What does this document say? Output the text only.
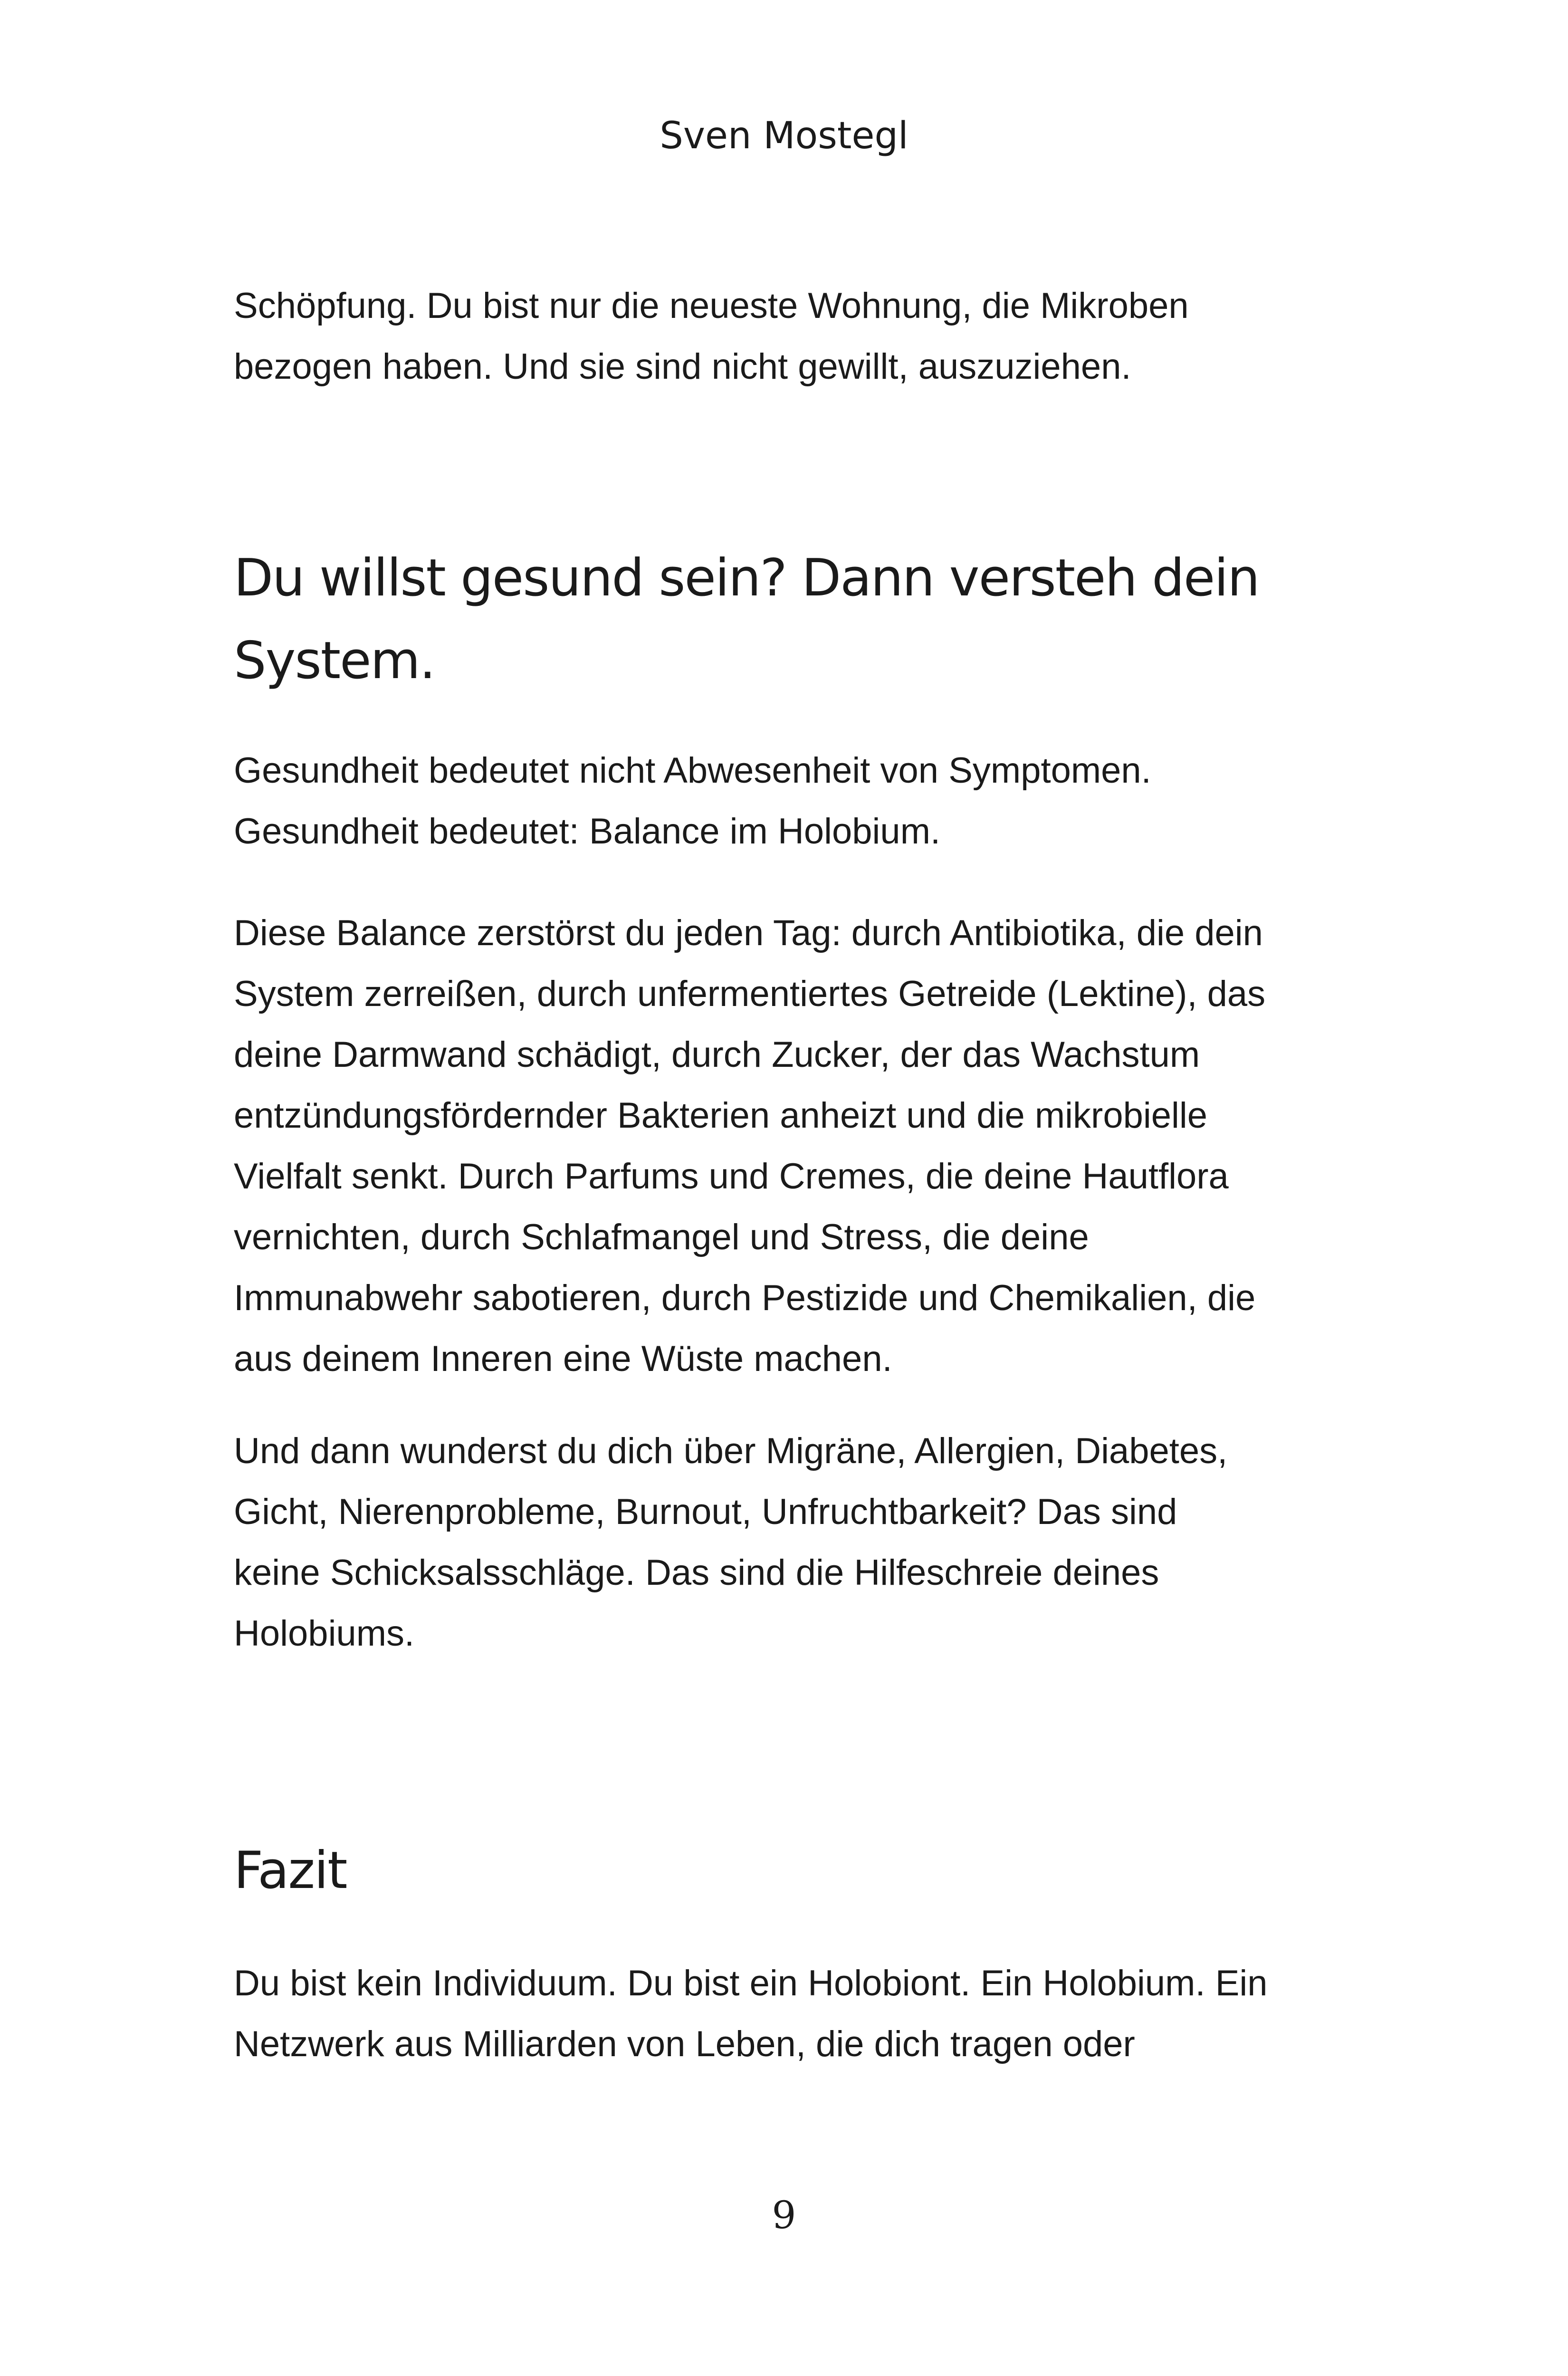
Sven Mostegl

Schöpfung. Du bist nur die neueste Wohnung, die Mikroben
bezogen haben. Und sie sind nicht gewillt, auszuziehen.

Du willst gesund sein? Dann versteh dein
System.

Gesundheit bedeutet nicht Abwesenheit von Symptomen.
Gesundheit bedeutet: Balance im Holobium.

Diese Balance zerstörst du jeden Tag: durch Antibiotika, die dein
System zerreißen, durch unfermentiertes Getreide (Lektine), das
deine Darmwand schädigt, durch Zucker, der das Wachstum
entzündungsfördernder Bakterien anheizt und die mikrobielle
Vielfalt senkt. Durch Parfums und Cremes, die deine Hautflora
vernichten, durch Schlafmangel und Stress, die deine
Immunabwehr sabotieren, durch Pestizide und Chemikalien, die
aus deinem Inneren eine Wüste machen.

Und dann wunderst du dich über Migräne, Allergien, Diabetes,
Gicht, Nierenprobleme, Burnout, Unfruchtbarkeit? Das sind
keine Schicksalsschläge. Das sind die Hilfeschreie deines
Holobiums.

Fazit

Du bist kein Individuum. Du bist ein Holobiont. Ein Holobium. Ein
Netzwerk aus Milliarden von Leben, die dich tragen oder

9
